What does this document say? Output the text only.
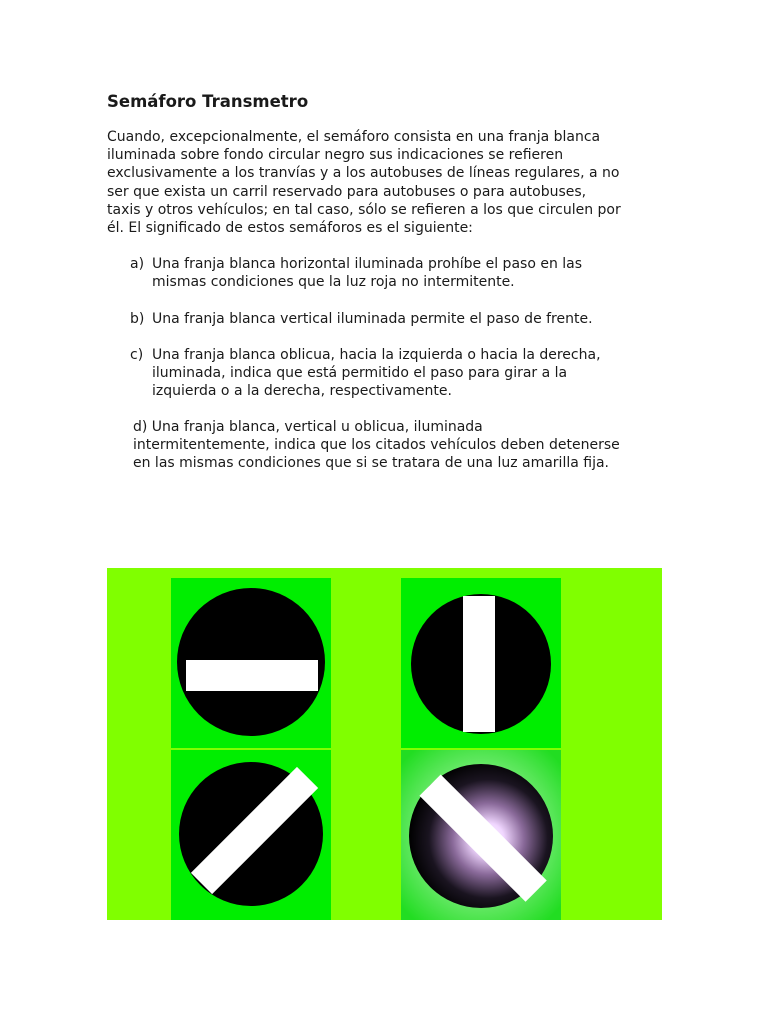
Semáforo Transmetro

Cuando, excepcionalmente, el semáforo consista en una franja blanca
iluminada sobre fondo circular negro sus indicaciones se refieren
exclusivamente a los tranvías y a los autobuses de líneas regulares, a no
ser que exista un carril reservado para autobuses o para autobuses,
taxis y otros vehículos; en tal caso, sólo se refieren a los que circulen por
él. El significado de estos semáforos es el siguiente:

a) Una franja blanca horizontal iluminada prohíbe el paso en las
mismas condiciones que la luz roja no intermitente.
b) Una franja blanca vertical iluminada permite el paso de frente.
c) Una franja blanca oblicua, hacia la izquierda o hacia la derecha,
iluminada, indica que está permitido el paso para girar a la
izquierda o a la derecha, respectivamente.

d) Una franja blanca, vertical u oblicua, iluminada
intermitentemente, indica que los citados vehículos deben detenerse
en las mismas condiciones que si se tratara de una luz amarilla fija.
